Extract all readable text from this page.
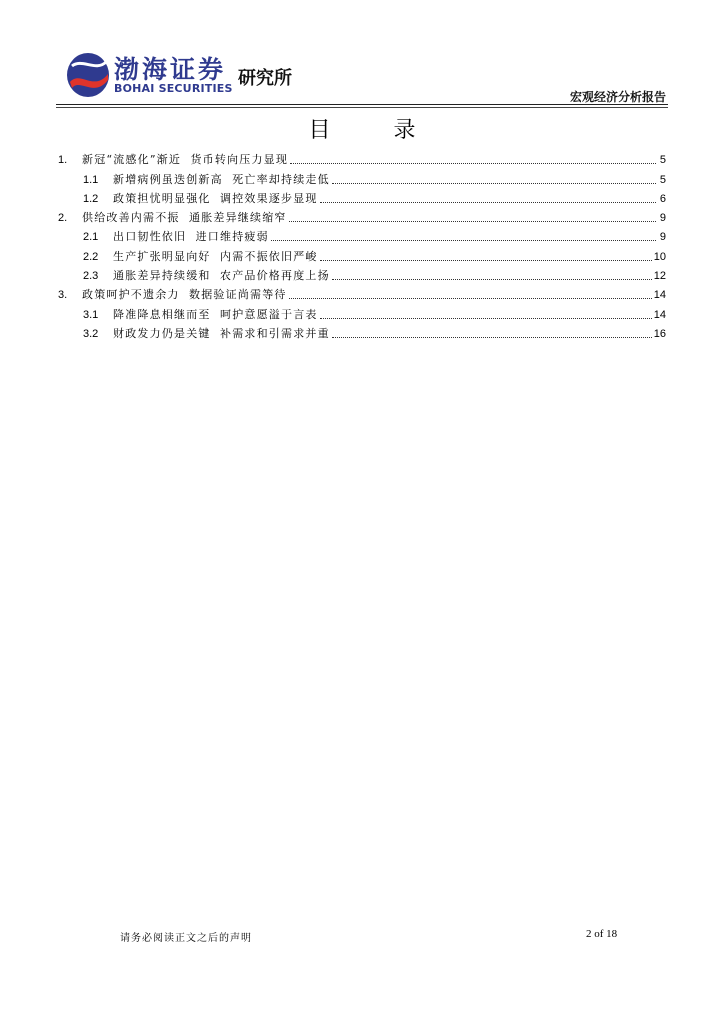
渤海证券
BOHAI SECURITIES 研究所
宏观经济分析报告
目 录
1.	新冠“流感化”渐近  货币转向压力显现	5
1.1	新增病例虽迭创新高  死亡率却持续走低	5
1.2	政策担忧明显强化  调控效果逐步显现	6
2.	供给改善内需不振  通胀差异继续缩窄	9
2.1	出口韧性依旧  进口维持疲弱	9
2.2	生产扩张明显向好  内需不振依旧严峻	10
2.3	通胀差异持续缓和  农产品价格再度上扬	12
3.	政策呵护不遗余力  数据验证尚需等待	14
3.1	降准降息相继而至  呵护意愿溢于言表	14
3.2	财政发力仍是关键  补需求和引需求并重	16
请务必阅读正文之后的声明	2 of 18
